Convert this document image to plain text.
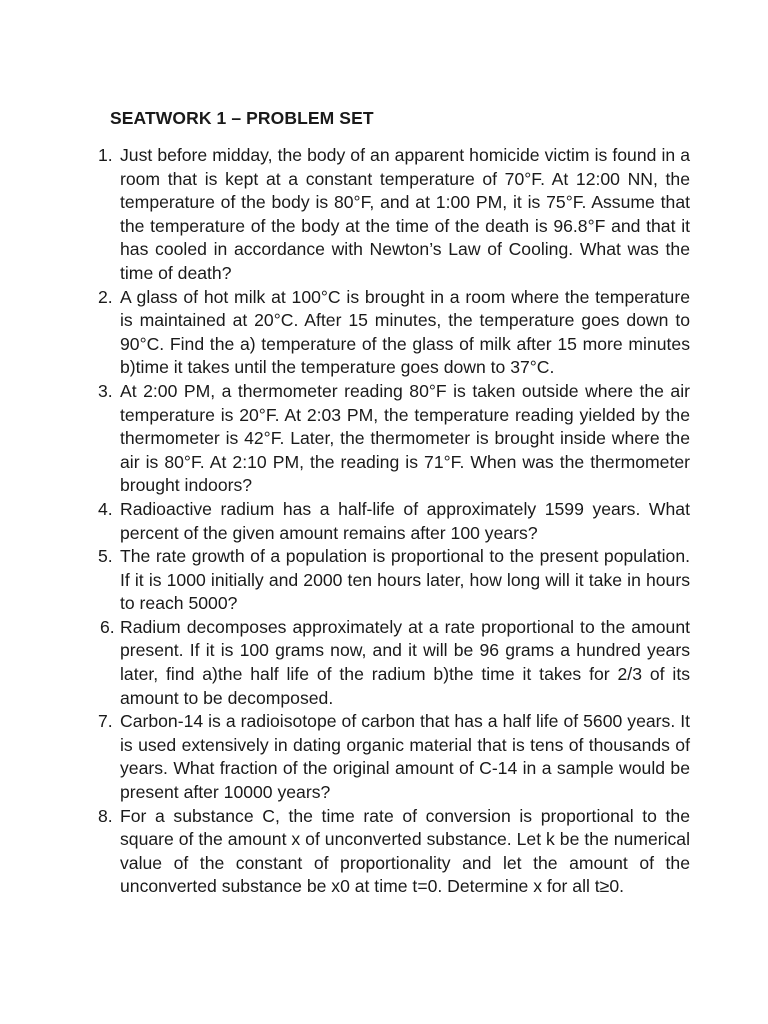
SEATWORK 1 – PROBLEM SET
1. Just before midday, the body of an apparent homicide victim is found in a room that is kept at a constant temperature of 70°F. At 12:00 NN, the temperature of the body is 80°F, and at 1:00 PM, it is 75°F. Assume that the temperature of the body at the time of the death is 96.8°F and that it has cooled in accordance with Newton’s Law of Cooling. What was the time of death?
2. A glass of hot milk at 100°C is brought in a room where the temperature is maintained at 20°C. After 15 minutes, the temperature goes down to 90°C. Find the a) temperature of the glass of milk after 15 more minutes b)time it takes until the temperature goes down to 37°C.
3. At 2:00 PM, a thermometer reading 80°F is taken outside where the air temperature is 20°F. At 2:03 PM, the temperature reading yielded by the thermometer is 42°F. Later, the thermometer is brought inside where the air is 80°F. At 2:10 PM, the reading is 71°F. When was the thermometer brought indoors?
4. Radioactive radium has a half-life of approximately 1599 years. What percent of the given amount remains after 100 years?
5. The rate growth of a population is proportional to the present population. If it is 1000 initially and 2000 ten hours later, how long will it take in hours to reach 5000?
6. Radium decomposes approximately at a rate proportional to the amount present. If it is 100 grams now, and it will be 96 grams a hundred years later, find a)the half life of the radium b)the time it takes for 2/3 of its amount to be decomposed.
7. Carbon-14 is a radioisotope of carbon that has a half life of 5600 years. It is used extensively in dating organic material that is tens of thousands of years. What fraction of the original amount of C-14 in a sample would be present after 10000 years?
8. For a substance C, the time rate of conversion is proportional to the square of the amount x of unconverted substance. Let k be the numerical value of the constant of proportionality and let the amount of the unconverted substance be x0 at time t=0. Determine x for all t≥0.
